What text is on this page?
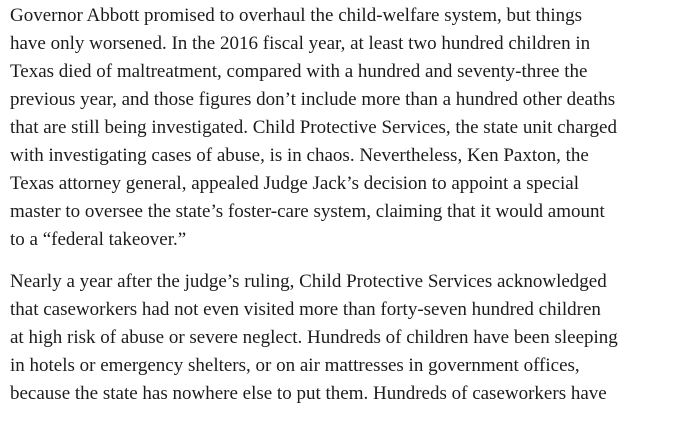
Governor Abbott promised to overhaul the child-welfare system, but things
have only worsened. In the 2016 fiscal year, at least two hundred children in
Texas died of maltreatment, compared with a hundred and seventy-three the
previous year, and those figures don’t include more than a hundred other deaths
that are still being investigated. Child Protective Services, the state unit charged
with investigating cases of abuse, is in chaos. Nevertheless, Ken Paxton, the
Texas attorney general, appealed Judge Jack’s decision to appoint a special
master to oversee the state’s foster-care system, claiming that it would amount
to a “federal takeover.”

Nearly a year after the judge’s ruling, Child Protective Services acknowledged
that caseworkers had not even visited more than forty-seven hundred children
at high risk of abuse or severe neglect. Hundreds of children have been sleeping
in hotels or emergency shelters, or on air mattresses in government offices,
because the state has nowhere else to put them. Hundreds of caseworkers have
